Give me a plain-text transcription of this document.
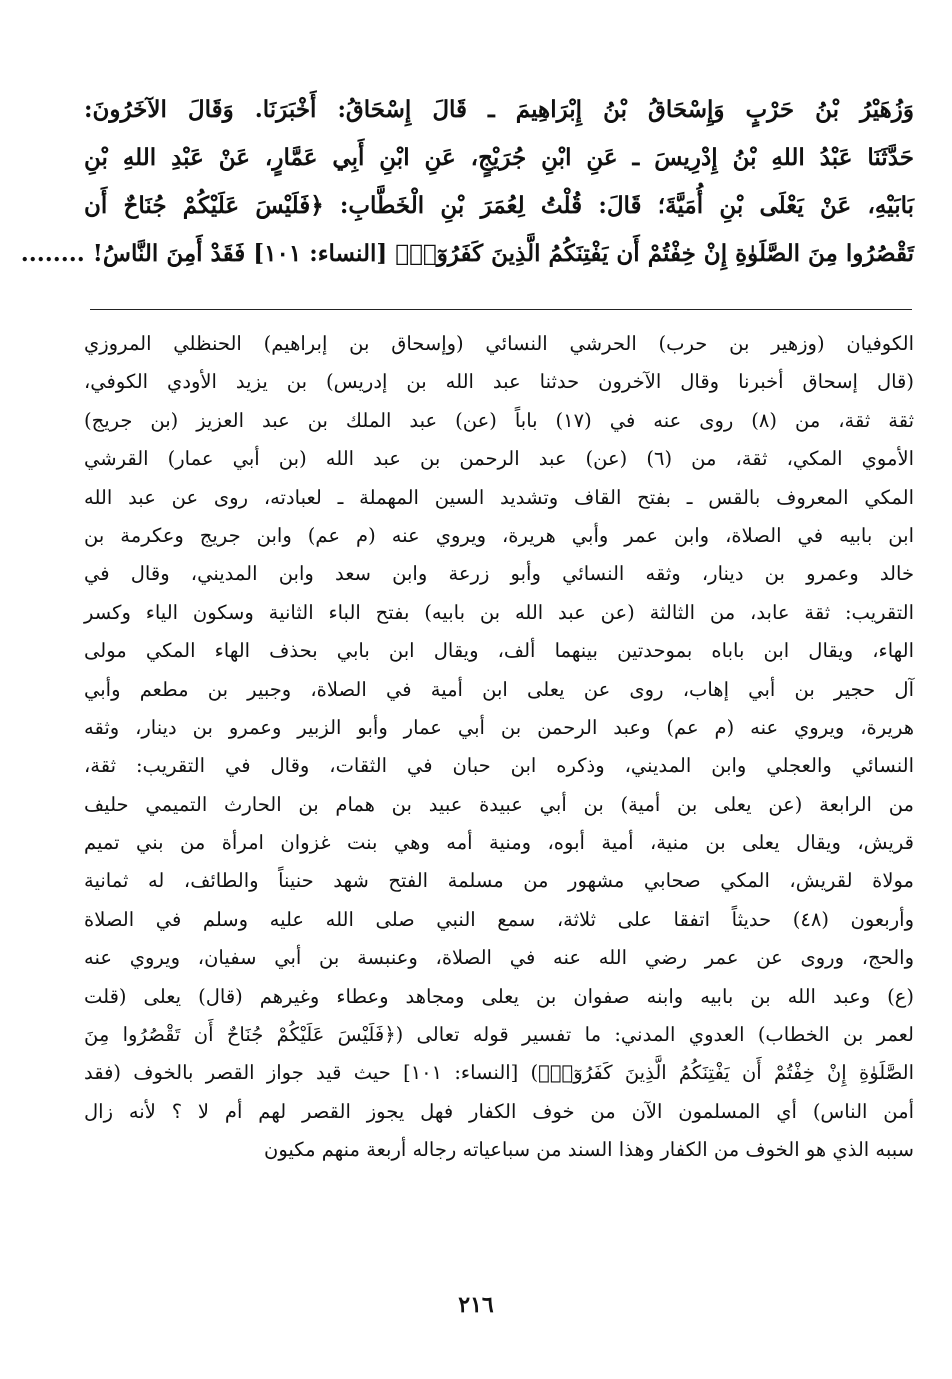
وَزُهَيْرُ بْنُ حَرْبٍ وَإِسْحَاقُ بْنُ إِبْرَاهِيمَ ـ قَالَ إِسْحَاقُ: أَخْبَرَنَا. وَقَالَ الآخَرُونَ:
حَدَّثَنَا عَبْدُ اللهِ بْنُ إِدْرِيسَ ـ عَنِ ابْنِ جُرَيْجٍ، عَنِ ابْنِ أَبِي عَمَّارٍ، عَنْ عَبْدِ اللهِ بْنِ
بَابَيْهِ، عَنْ يَعْلَى بْنِ أُمَيَّةَ؛ قَالَ: قُلْتُ لِعُمَرَ بْنِ الْخَطَّابِ: ﴿فَلَيْسَ عَلَيْكُمْ جُنَاحٌ أَن
تَقْصُرُوا مِنَ الصَّلَوٰةِ إِنْ خِفْتُمْ أَن يَفْتِنَكُمُ الَّذِينَ كَفَرُوٓا۟﴾ [النساء: ١٠١] فَقَدْ أَمِنَ النَّاسُ! ........
الكوفيان (وزهير بن حرب) الحرشي النسائي (وإسحاق بن إبراهيم) الحنظلي المروزي
(قال إسحاق أخبرنا وقال الآخرون حدثنا عبد الله بن إدريس) بن يزيد الأودي الكوفي،
ثقة ثقة، من (٨) روى عنه في (١٧) باباً (عن) عبد الملك بن عبد العزيز (بن جريج)
الأموي المكي، ثقة، من (٦) (عن) عبد الرحمن بن عبد الله (بن أبي عمار) القرشي
المكي المعروف بالقس ـ بفتح القاف وتشديد السين المهملة ـ لعبادته، روى عن عبد الله
ابن بابيه في الصلاة، وابن عمر وأبي هريرة، ويروي عنه (م عم) وابن جريج وعكرمة بن
خالد وعمرو بن دينار، وثقه النسائي وأبو زرعة وابن سعد وابن المديني، وقال في
التقريب: ثقة عابد، من الثالثة (عن عبد الله بن بابيه) بفتح الباء الثانية وسكون الياء وكسر
الهاء، ويقال ابن باباه بموحدتين بينهما ألف، ويقال ابن بابي بحذف الهاء المكي مولى
آل حجير بن أبي إهاب، روى عن يعلى ابن أمية في الصلاة، وجبير بن مطعم وأبي
هريرة، ويروي عنه (م عم) وعبد الرحمن بن أبي عمار وأبو الزبير وعمرو بن دينار، وثقه
النسائي والعجلي وابن المديني، وذكره ابن حبان في الثقات، وقال في التقريب: ثقة،
من الرابعة (عن يعلى بن أمية) بن أبي عبيدة عبيد بن همام بن الحارث التميمي حليف
قريش، ويقال يعلى بن منية، أمية أبوه، ومنية أمه وهي بنت غزوان امرأة من بني تميم
مولاة لقريش، المكي صحابي مشهور من مسلمة الفتح شهد حنيناً والطائف، له ثمانية
وأربعون (٤٨) حديثاً اتفقا على ثلاثة، سمع النبي صلى الله عليه وسلم في الصلاة
والحج، وروى عن عمر رضي الله عنه في الصلاة، وعنبسة بن أبي سفيان، ويروي عنه
(ع) وعبد الله بن بابيه وابنه صفوان بن يعلى ومجاهد وعطاء وغيرهم (قال) يعلى (قلت
لعمر بن الخطاب) العدوي المدني: ما تفسير قوله تعالى (﴿فَلَيْسَ عَلَيْكُمْ جُنَاحٌ أَن تَقْصُرُوا مِنَ
الصَّلَوٰةِ إِنْ خِفْتُمْ أَن يَفْتِنَكُمُ الَّذِينَ كَفَرُوٓا۟﴾) [النساء: ١٠١] حيث قيد جواز القصر بالخوف (فقد
أمن الناس) أي المسلمون الآن من خوف الكفار فهل يجوز القصر لهم أم لا ؟ لأنه زال
سببه الذي هو الخوف من الكفار وهذا السند من سباعياته رجاله أربعة منهم مكيون
٢١٦
